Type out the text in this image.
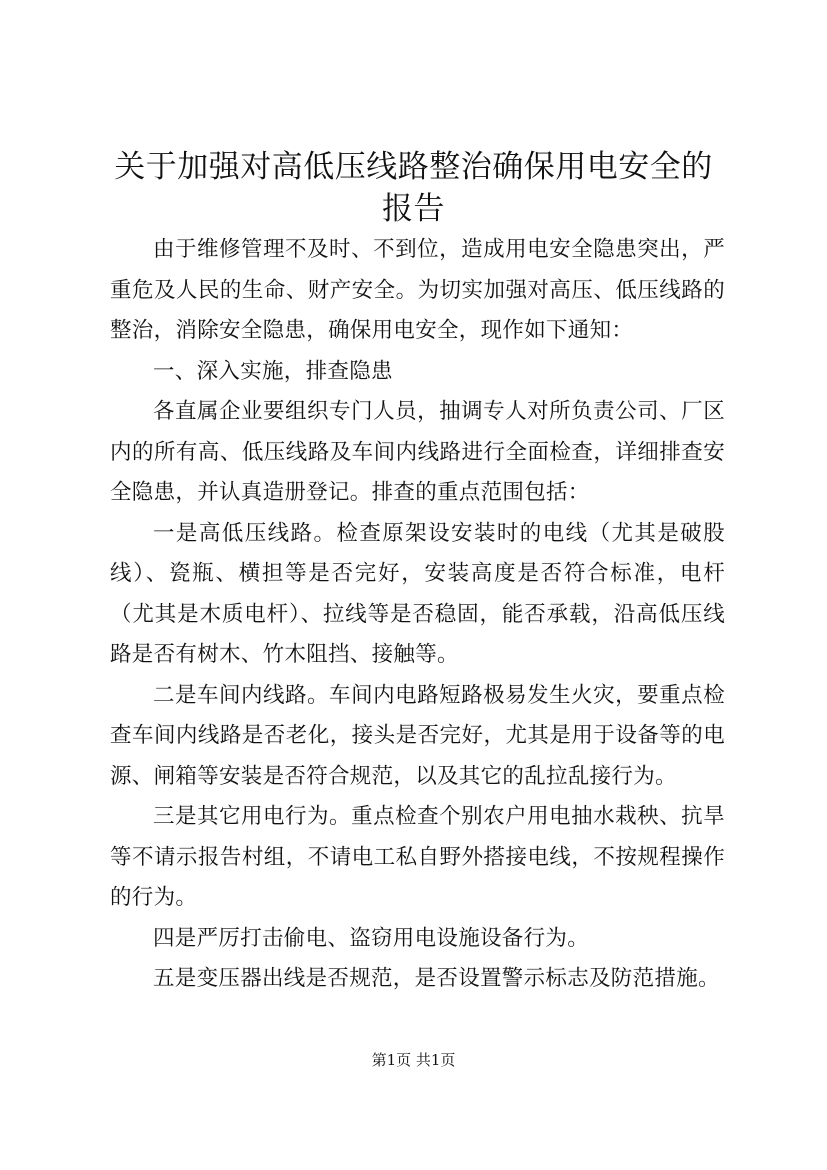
关于加强对高低压线路整治确保用电安全的报告

由于维修管理不及时、不到位，造成用电安全隐患突出，严重危及人民的生命、财产安全。为切实加强对高压、低压线路的整治，消除安全隐患，确保用电安全，现作如下通知：

一、深入实施，排查隐患

各直属企业要组织专门人员，抽调专人对所负责公司、厂区内的所有高、低压线路及车间内线路进行全面检查，详细排查安全隐患，并认真造册登记。排查的重点范围包括：

一是高低压线路。检查原架设安装时的电线（尤其是破股线）、瓷瓶、横担等是否完好，安装高度是否符合标准，电杆（尤其是木质电杆）、拉线等是否稳固，能否承载，沿高低压线路是否有树木、竹木阻挡、接触等。

二是车间内线路。车间内电路短路极易发生火灾，要重点检查车间内线路是否老化，接头是否完好，尤其是用于设备等的电源、闸箱等安装是否符合规范，以及其它的乱拉乱接行为。

三是其它用电行为。重点检查个别农户用电抽水栽秧、抗旱等不请示报告村组，不请电工私自野外搭接电线，不按规程操作的行为。

四是严厉打击偷电、盗窃用电设施设备行为。

五是变压器出线是否规范，是否设置警示标志及防范措施。

第1页 共1页
